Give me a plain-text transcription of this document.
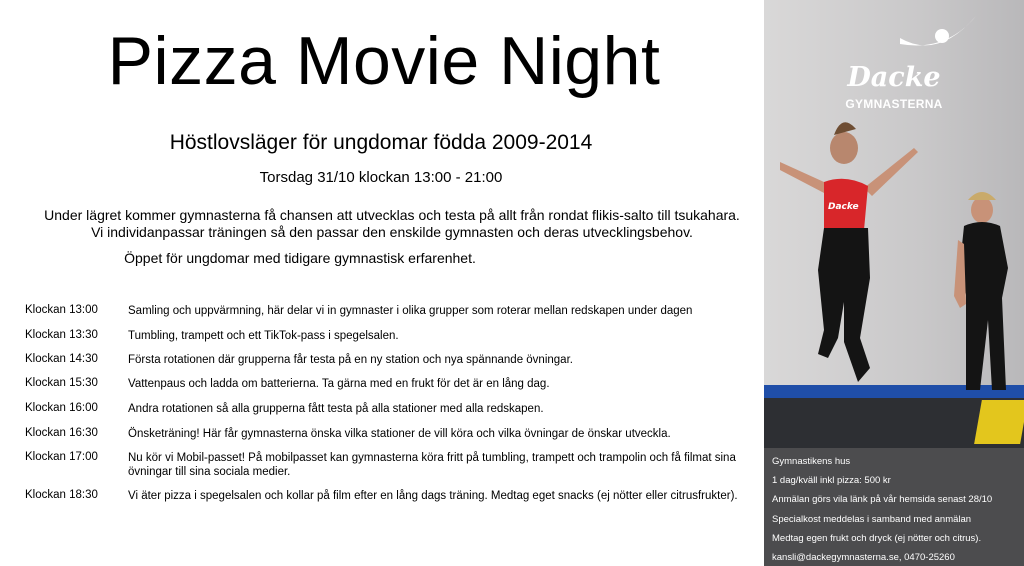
Pizza Movie Night
Höstlovsläger för ungdomar födda 2009-2014
Torsdag 31/10 klockan 13:00 - 21:00
Under lägret kommer gymnasterna få chansen att utvecklas och testa på allt från rondat flikis-salto till tsukahara.
Vi individanpassar träningen så den passar den enskilde gymnasten och deras utvecklingsbehov.
Öppet för ungdomar med tidigare gymnastisk erfarenhet.
Klockan 13:00	Samling och uppvärmning, här delar vi in gymnaster i olika grupper som roterar mellan redskapen under dagen
Klockan 13:30	Tumbling, trampett och ett TikTok-pass i spegelsalen.
Klockan 14:30	Första rotationen där grupperna får testa på en ny station och nya spännande övningar.
Klockan 15:30	Vattenpaus och ladda om batterierna. Ta gärna med en frukt för det är en lång dag.
Klockan 16:00	Andra rotationen så alla grupperna fått testa på alla stationer med alla redskapen.
Klockan 16:30	Önsketräning! Här får gymnasterna önska vilka stationer de vill köra och vilka övningar de önskar utveckla.
Klockan 17:00	Nu kör vi Mobil-passet! På mobilpasset kan gymnasterna köra fritt på tumbling, trampett och trampolin och få filmat sina övningar till sina sociala medier.
Klockan 18:30	Vi äter pizza i spegelsalen och kollar på film efter en lång dags träning. Medtag eget snacks (ej nötter eller citrusfrukter).
Dacke
Dacke
GYMNASTERNA
Gymnastikens hus
1 dag/kväll inkl pizza: 500 kr
Anmälan görs vila länk på vår hemsida senast 28/10
Specialkost meddelas i samband med anmälan
Medtag egen frukt och dryck (ej nötter och citrus).
kansli@dackegymnasterna.se, 0470-25260
